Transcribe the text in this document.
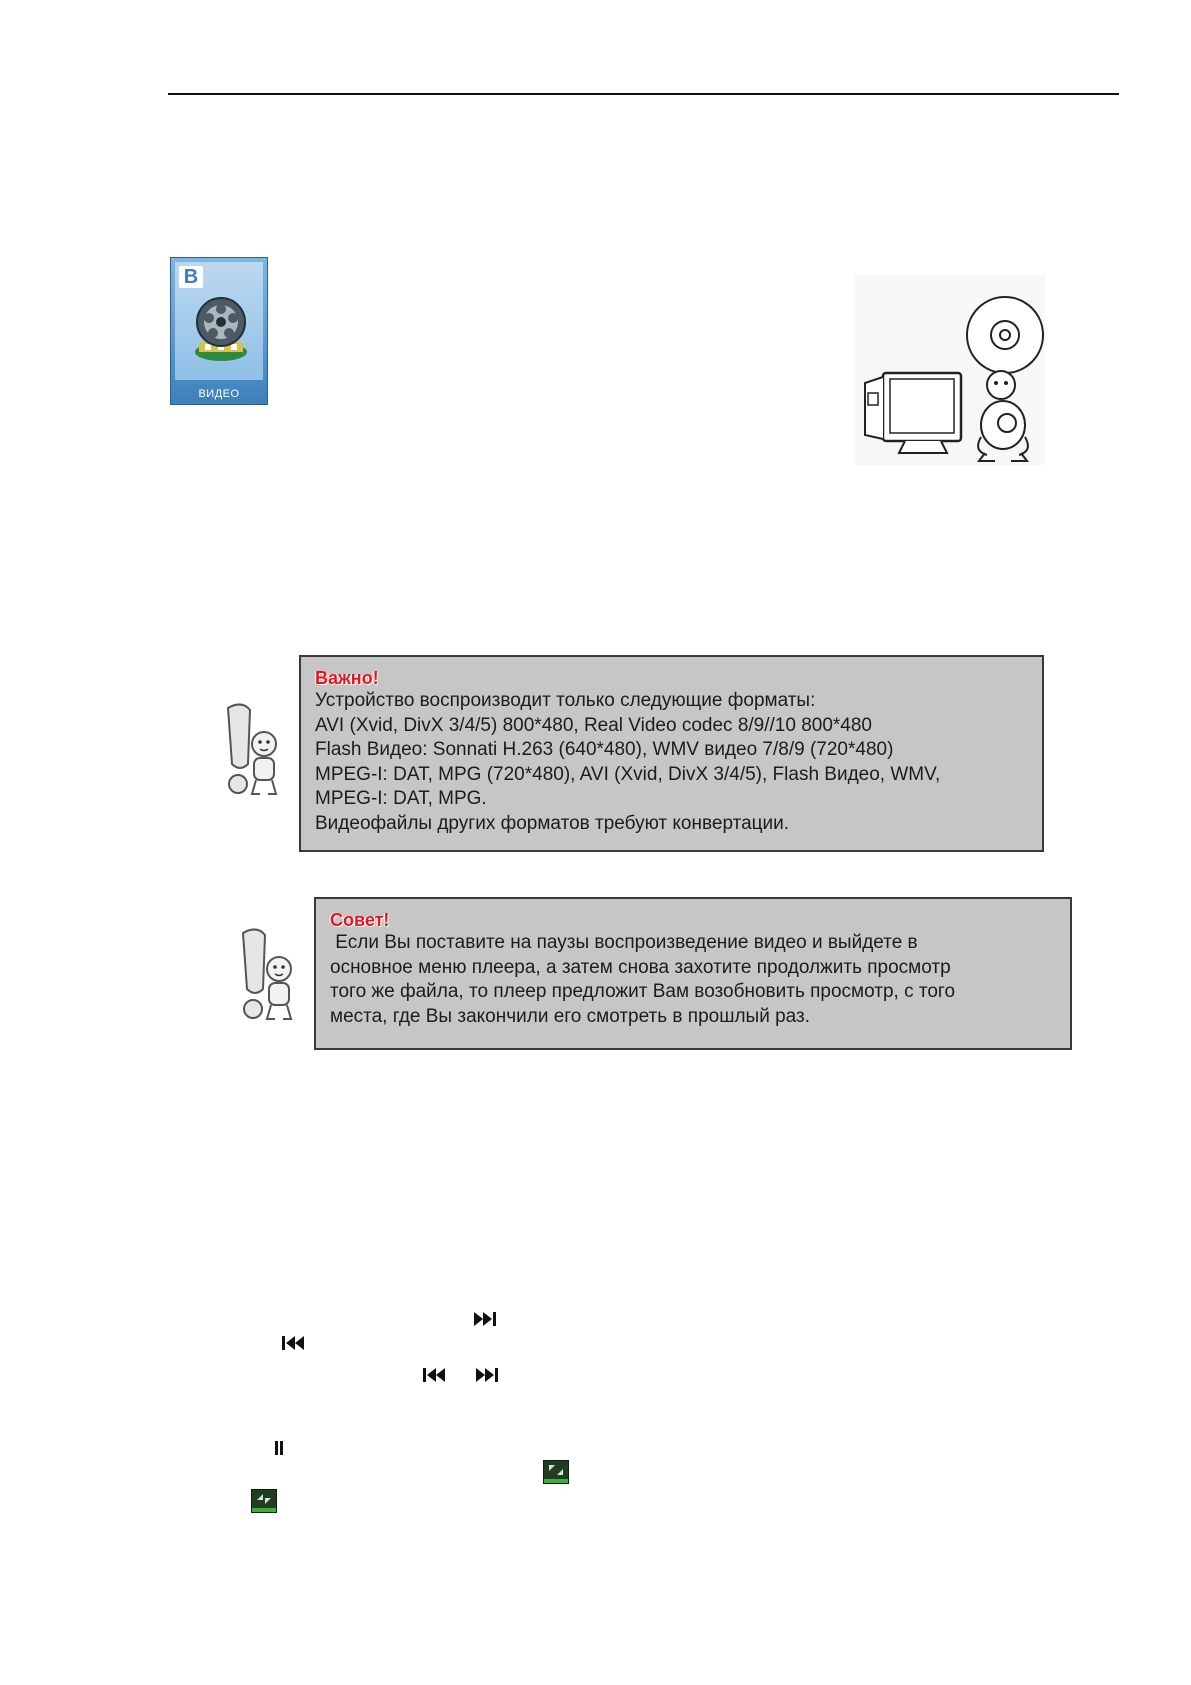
B
ВИДЕО
Важно!
Устройство воспроизводит только следующие форматы:
AVI (Xvid, DivX 3/4/5) 800*480, Real Video codec 8/9//10 800*480
Flash Видео: Sonnati H.263 (640*480), WMV видео 7/8/9 (720*480)
MPEG-I: DAT, MPG (720*480), AVI (Xvid, DivX 3/4/5), Flash Видео, WMV,
MPEG-I: DAT, MPG.
Видеофайлы других форматов требуют конвертации.
Совет!
Если Вы поставите на паузы воспроизведение видео и выйдете в
основное меню плеера, а затем снова захотите продолжить просмотр
того же файла, то плеер предложит Вам возобновить просмотр, с того
места, где Вы закончили его смотреть в прошлый раз.
